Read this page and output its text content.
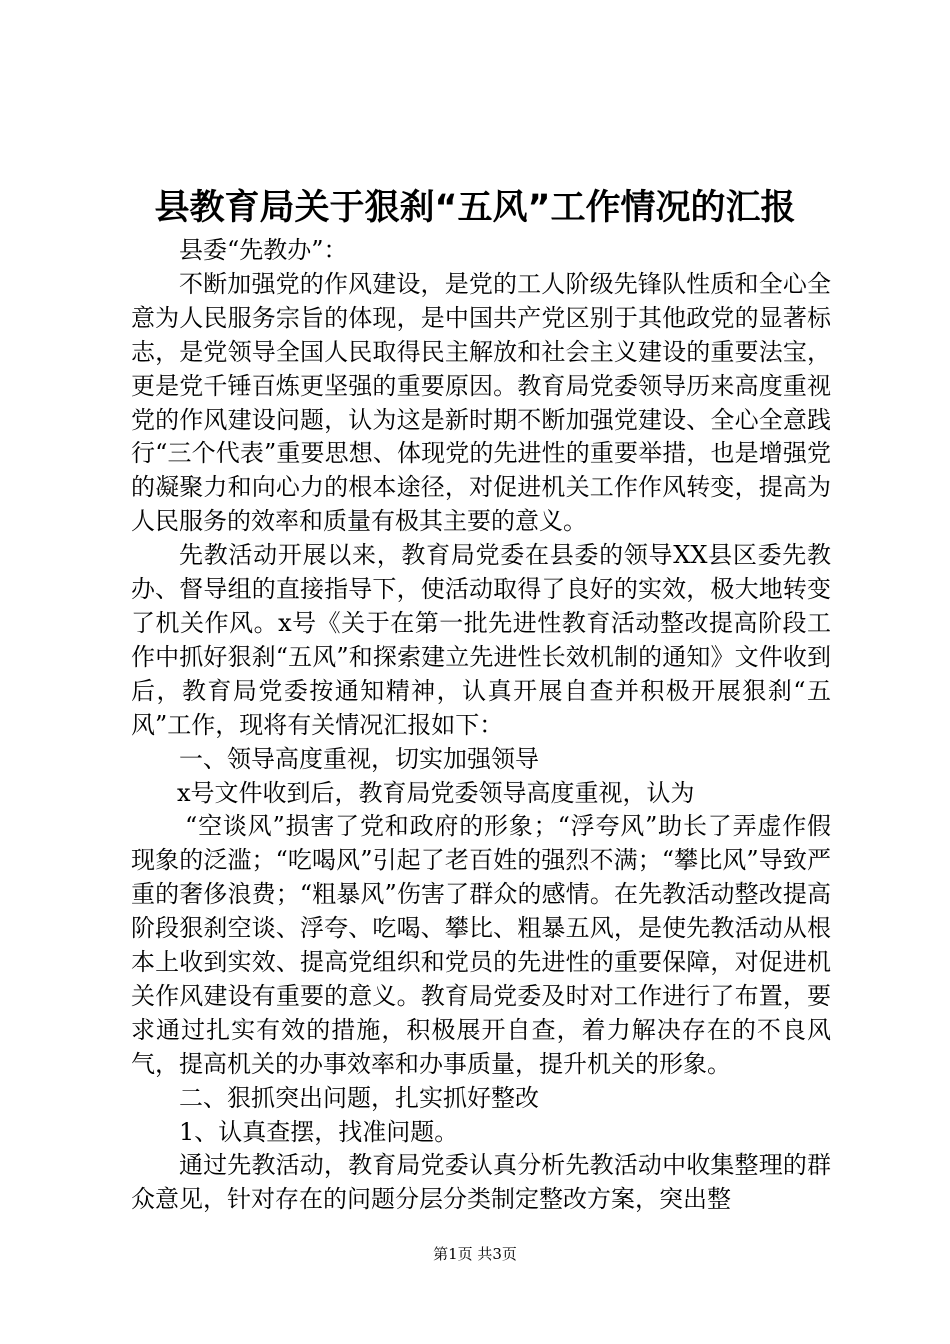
县教育局关于狠刹“五风”工作情况的汇报

县委“先教办”：

不断加强党的作风建设，是党的工人阶级先锋队性质和全心全意为人民服务宗旨的体现，是中国共产党区别于其他政党的显著标志，是党领导全国人民取得民主解放和社会主义建设的重要法宝，更是党千锤百炼更坚强的重要原因。教育局党委领导历来高度重视党的作风建设问题，认为这是新时期不断加强党建设、全心全意践行“三个代表”重要思想、体现党的先进性的重要举措，也是增强党的凝聚力和向心力的根本途径，对促进机关工作作风转变，提高为人民服务的效率和质量有极其主要的意义。

先教活动开展以来，教育局党委在县委的领导XX县区委先教办、督导组的直接指导下，使活动取得了良好的实效，极大地转变了机关作风。x号《关于在第一批先进性教育活动整改提高阶段工作中抓好狠刹“五风”和探索建立先进性长效机制的通知》文件收到后，教育局党委按通知精神，认真开展自查并积极开展狠刹“五风”工作，现将有关情况汇报如下：

一、领导高度重视，切实加强领导

x号文件收到后，教育局党委领导高度重视，认为

“空谈风”损害了党和政府的形象；“浮夸风”助长了弄虚作假现象的泛滥；“吃喝风”引起了老百姓的强烈不满；“攀比风”导致严重的奢侈浪费；“粗暴风”伤害了群众的感情。在先教活动整改提高阶段狠刹空谈、浮夸、吃喝、攀比、粗暴五风，是使先教活动从根本上收到实效、提高党组织和党员的先进性的重要保障，对促进机关作风建设有重要的意义。教育局党委及时对工作进行了布置，要求通过扎实有效的措施，积极展开自查，着力解决存在的不良风气，提高机关的办事效率和办事质量，提升机关的形象。

二、狠抓突出问题，扎实抓好整改

1、认真查摆，找准问题。

通过先教活动，教育局党委认真分析先教活动中收集整理的群众意见，针对存在的问题分层分类制定整改方案，突出整

第1页 共3页
